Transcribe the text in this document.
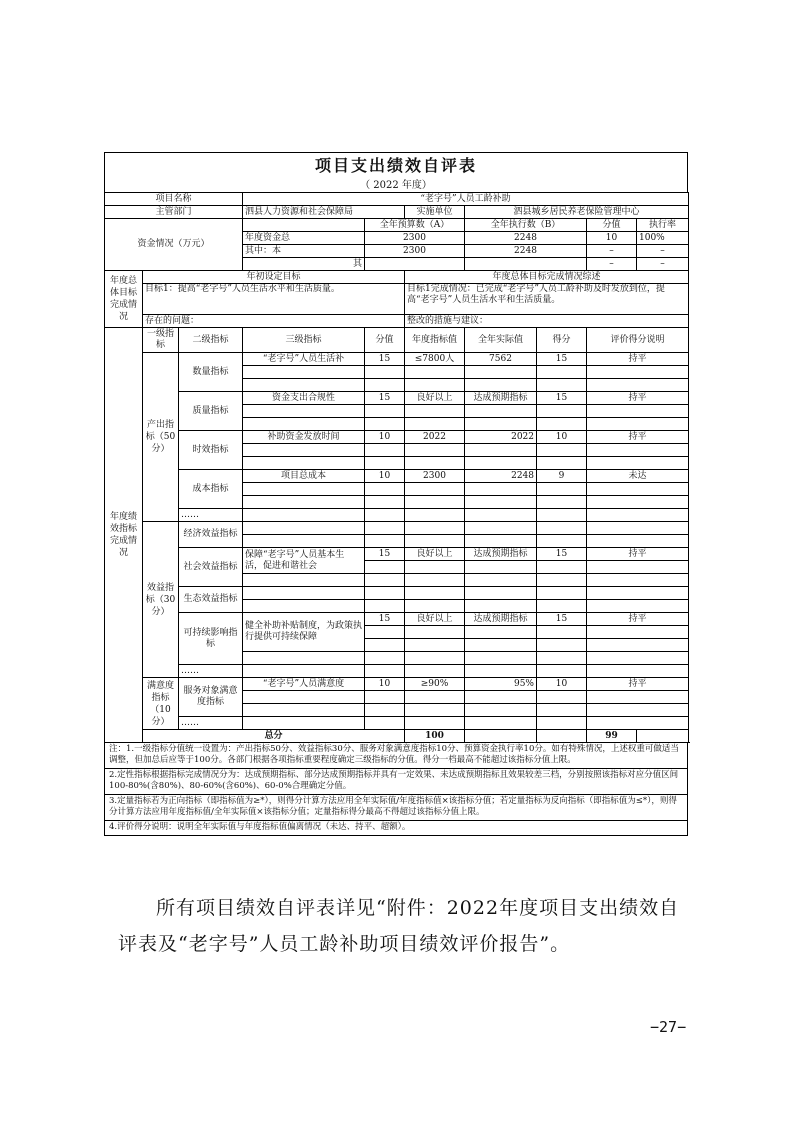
项目支出绩效自评表
（ 2022 年度）
项目名称			“老字号”人员工龄补助						
主管部门			泗县人力资源和社会保障局		实施单位	泗县城乡居民养老保险管理中心			
资金情况（万元）				全年预算数（A）		全年执行数（B）		分值	执行率
			年度资金总	2300		2248		10	100%
			其中：本	2300		2248		–	–
			其					–	–
年度总体目标完成情况	年初设定目标				年度总体目标完成情况综述				
	目标1：提高“老字号”人员生活水平和生活质量。				目标1完成情况：已完成“老字号”人员工龄补助及时发放到位，提高“老字号”人员生活水平和生活质量。				
	存在的问题：				整改的措施与建议：				
年度绩效指标完成情况	一级指标	二级指标	三级指标	分值	年度指标值	全年实际值	得分	评价得分说明	
	产出指标（50分）	数量指标	“老字号”人员生活补	15	≤7800人	7562	15	持平	

		质量指标	资金支出合规性	15	良好以上	达成预期指标	15	持平	

		时效指标	补助资金发放时间	10	2022	2022	10	持平	

		成本指标	项目总成本	10	2300	2248	9	未达	

		……							
	效益指标（30分）	经济效益指标							

		社会效益指标	保障“老字号”人员基本生活，促进和谐社会	15	良好以上	达成预期指标	15	持平	

		生态效益指标							

		可持续影响指标	健全补助补贴制度，为政策执行提供可持续保障	15	良好以上	达成预期指标	15	持平	

		……							
	满意度指标（10分）	服务对象满意度指标	“老字号”人员满意度	10	≥90%	95%	10	持平	

		……							
	总分				100			99	
注：1.一级指标分值统一设置为：产出指标50分、效益指标30分、服务对象满意度指标10分、预算资金执行率10分。如有特殊情况，上述权重可做适当调整，但加总后应等于100分。各部门根据各项指标重要程度确定三级指标的分值。得分一档最高不能超过该指标分值上限。
2.定性指标根据指标完成情况分为：达成预期指标、部分达成预期指标并具有一定效果、未达成预期指标且效果较差三档，分别按照该指标对应分值区间100-80%(含80%)、80-60%(含60%)、60-0%合理确定分值。
3.定量指标若为正向指标（即指标值为≥*），则得分计算方法应用全年实际值/年度指标值×该指标分值；若定量指标为反向指标（即指标值为≤*），则得分计算方法应用年度指标值/全年实际值×该指标分值；定量指标得分最高不得超过该指标分值上限。
4.评价得分说明：说明全年实际值与年度指标值偏离情况（未达、持平、超额）。
所有项目绩效自评表详见“附件：2022年度项目支出绩效自评表及“老字号”人员工龄补助项目绩效评价报告”。
−27−
